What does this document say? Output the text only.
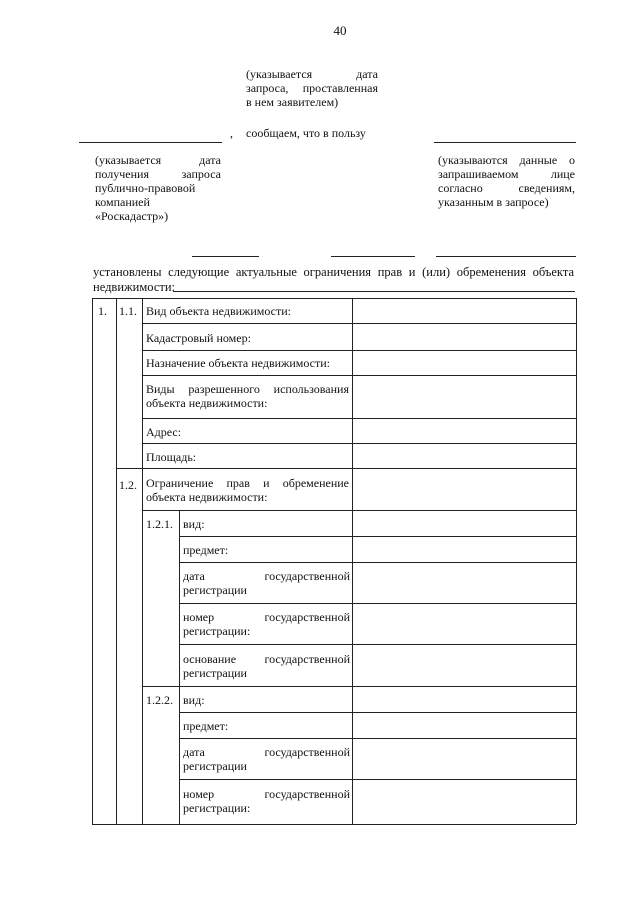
40
(указывается дата
запроса, проставленная
в нем заявителем)
, сообщаем, что в пользу
(указывается дата
получения запроса
публично-правовой
компанией
«Роскадастр»)
(указываются данные о
запрашиваемом лице
согласно сведениям,
указанным в запросе)
установлены следующие актуальные ограничения прав и (или) обременения объекта
недвижимости:
1. 1.1.
1.2.
1.2.1.
1.2.2.
Вид объекта недвижимости:
Кадастровый номер:
Назначение объекта недвижимости:
Виды разрешенного использования
объекта недвижимости:
Адрес:
Площадь:
Ограничение прав и обременение
объекта недвижимости:
вид:
предмет:
дата государственной
регистрации
номер государственной
регистрации:
основание государственной
регистрации
вид:
предмет:
дата государственной
регистрации
номер государственной
регистрации:
